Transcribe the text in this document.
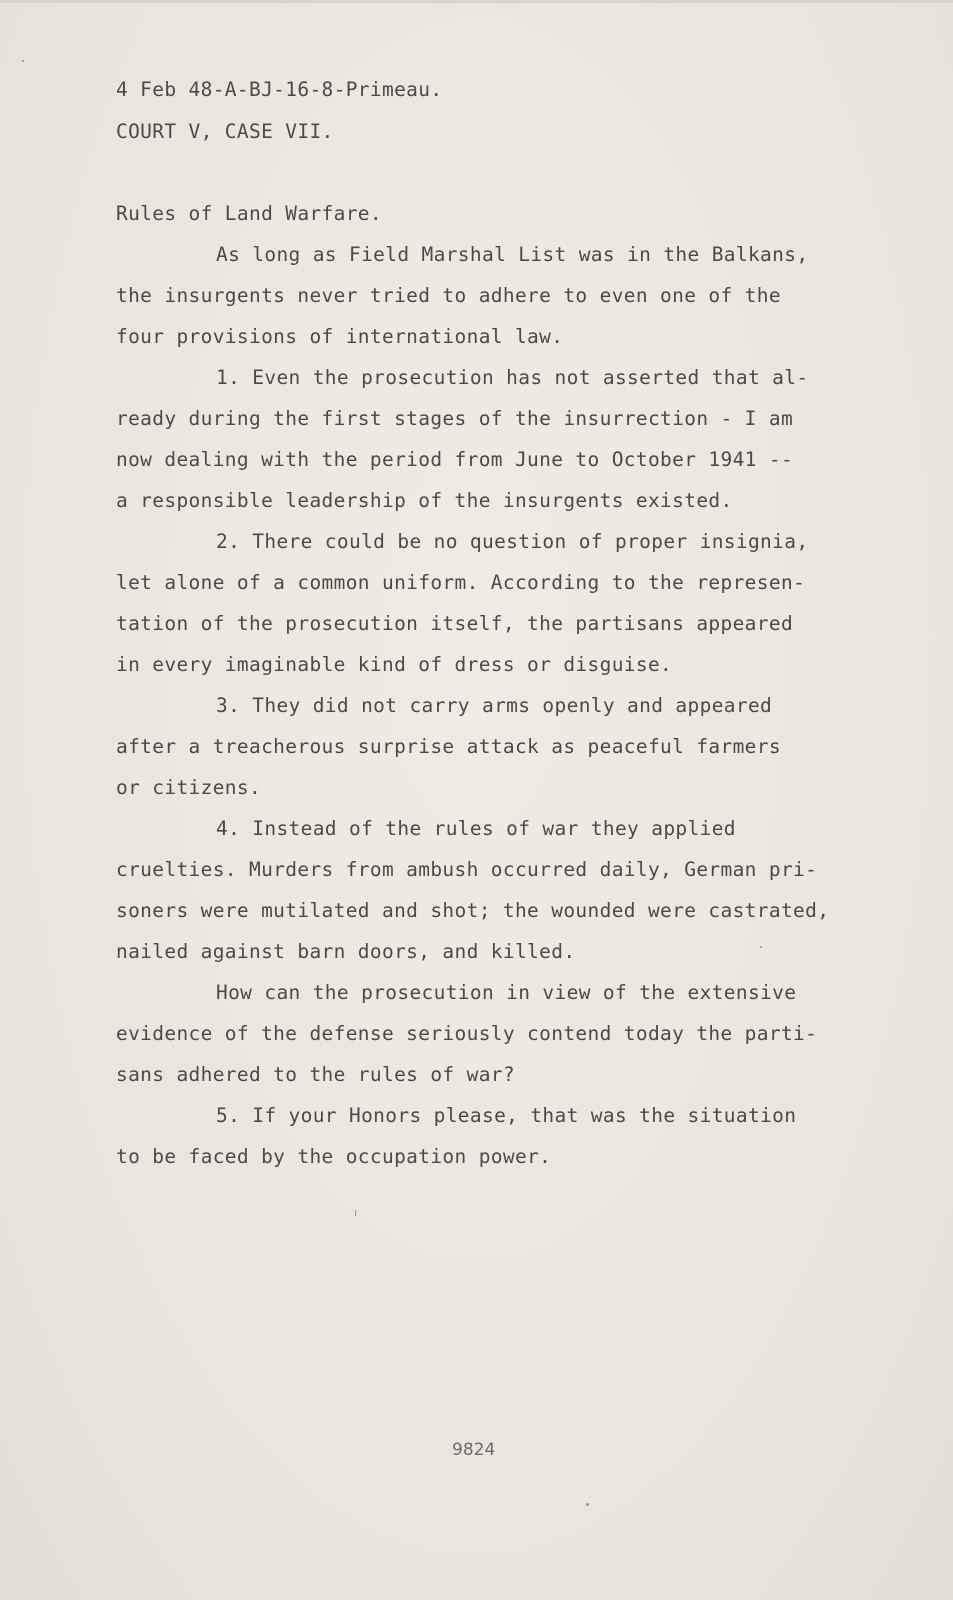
4 Feb 48-A-BJ-16-8-Primeau.

COURT V, CASE VII.

Rules of Land Warfare.

As long as Field Marshal List was in the Balkans,

the insurgents never tried to adhere to even one of the

four provisions of international law.

1. Even the prosecution has not asserted that al-

ready during the first stages of the insurrection - I am

now dealing with the period from June to October 1941 --

a responsible leadership of the insurgents existed.

2. There could be no question of proper insignia,

let alone of a common uniform. According to the represen-

tation of the prosecution itself, the partisans appeared

in every imaginable kind of dress or disguise.

3. They did not carry arms openly and appeared

after a treacherous surprise attack as peaceful farmers

or citizens.

4. Instead of the rules of war they applied

cruelties. Murders from ambush occurred daily, German pri-

soners were mutilated and shot; the wounded were castrated,

nailed against barn doors, and killed.

How can the prosecution in view of the extensive

evidence of the defense seriously contend today the parti-

sans adhered to the rules of war?

5. If your Honors please, that was the situation

to be faced by the occupation power.

9824
